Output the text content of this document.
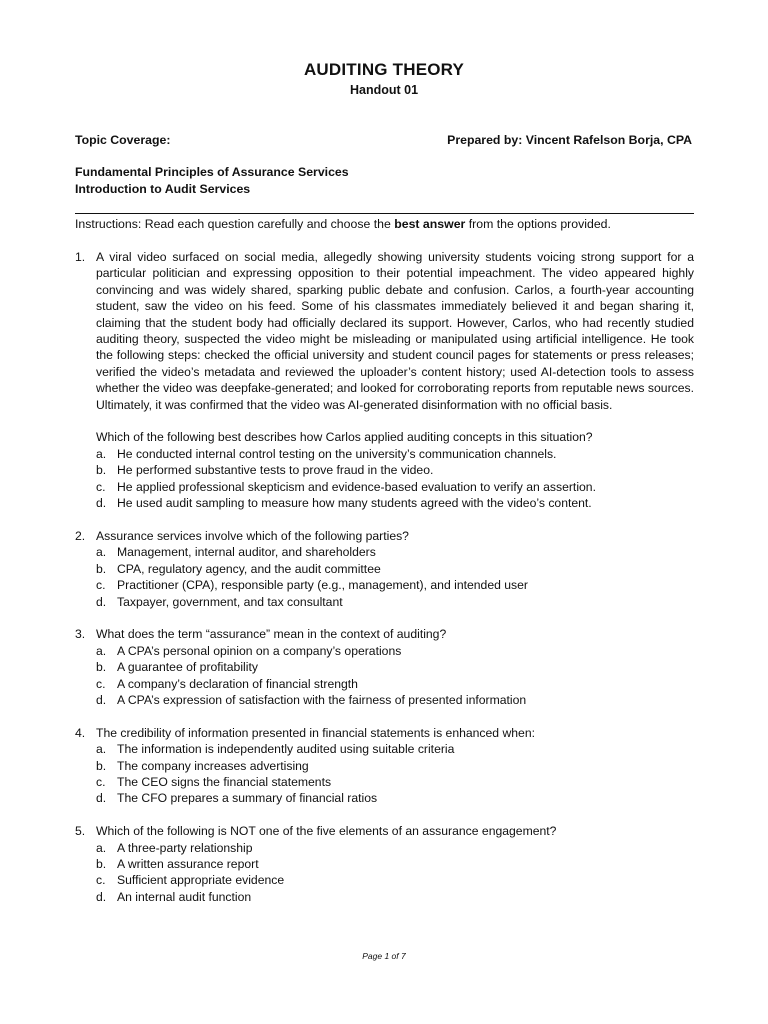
AUDITING THEORY
Handout 01
Topic Coverage:	Prepared by: Vincent Rafelson Borja, CPA
Fundamental Principles of Assurance Services
Introduction to Audit Services
Instructions: Read each question carefully and choose the best answer from the options provided.
1. A viral video surfaced on social media, allegedly showing university students voicing strong support for a particular politician and expressing opposition to their potential impeachment. The video appeared highly convincing and was widely shared, sparking public debate and confusion. Carlos, a fourth-year accounting student, saw the video on his feed. Some of his classmates immediately believed it and began sharing it, claiming that the student body had officially declared its support. However, Carlos, who had recently studied auditing theory, suspected the video might be misleading or manipulated using artificial intelligence. He took the following steps: checked the official university and student council pages for statements or press releases; verified the video’s metadata and reviewed the uploader’s content history; used AI-detection tools to assess whether the video was deepfake-generated; and looked for corroborating reports from reputable news sources. Ultimately, it was confirmed that the video was AI-generated disinformation with no official basis.

Which of the following best describes how Carlos applied auditing concepts in this situation?

a. He conducted internal control testing on the university’s communication channels.
b. He performed substantive tests to prove fraud in the video.
c. He applied professional skepticism and evidence-based evaluation to verify an assertion.
d. He used audit sampling to measure how many students agreed with the video’s content.
2. Assurance services involve which of the following parties?

a. Management, internal auditor, and shareholders
b. CPA, regulatory agency, and the audit committee
c. Practitioner (CPA), responsible party (e.g., management), and intended user
d. Taxpayer, government, and tax consultant
3. What does the term “assurance” mean in the context of auditing?

a. A CPA’s personal opinion on a company’s operations
b. A guarantee of profitability
c. A company’s declaration of financial strength
d. A CPA’s expression of satisfaction with the fairness of presented information
4. The credibility of information presented in financial statements is enhanced when:

a. The information is independently audited using suitable criteria
b. The company increases advertising
c. The CEO signs the financial statements
d. The CFO prepares a summary of financial ratios
5. Which of the following is NOT one of the five elements of an assurance engagement?

a. A three-party relationship
b. A written assurance report
c. Sufficient appropriate evidence
d. An internal audit function
Page 1 of 7
